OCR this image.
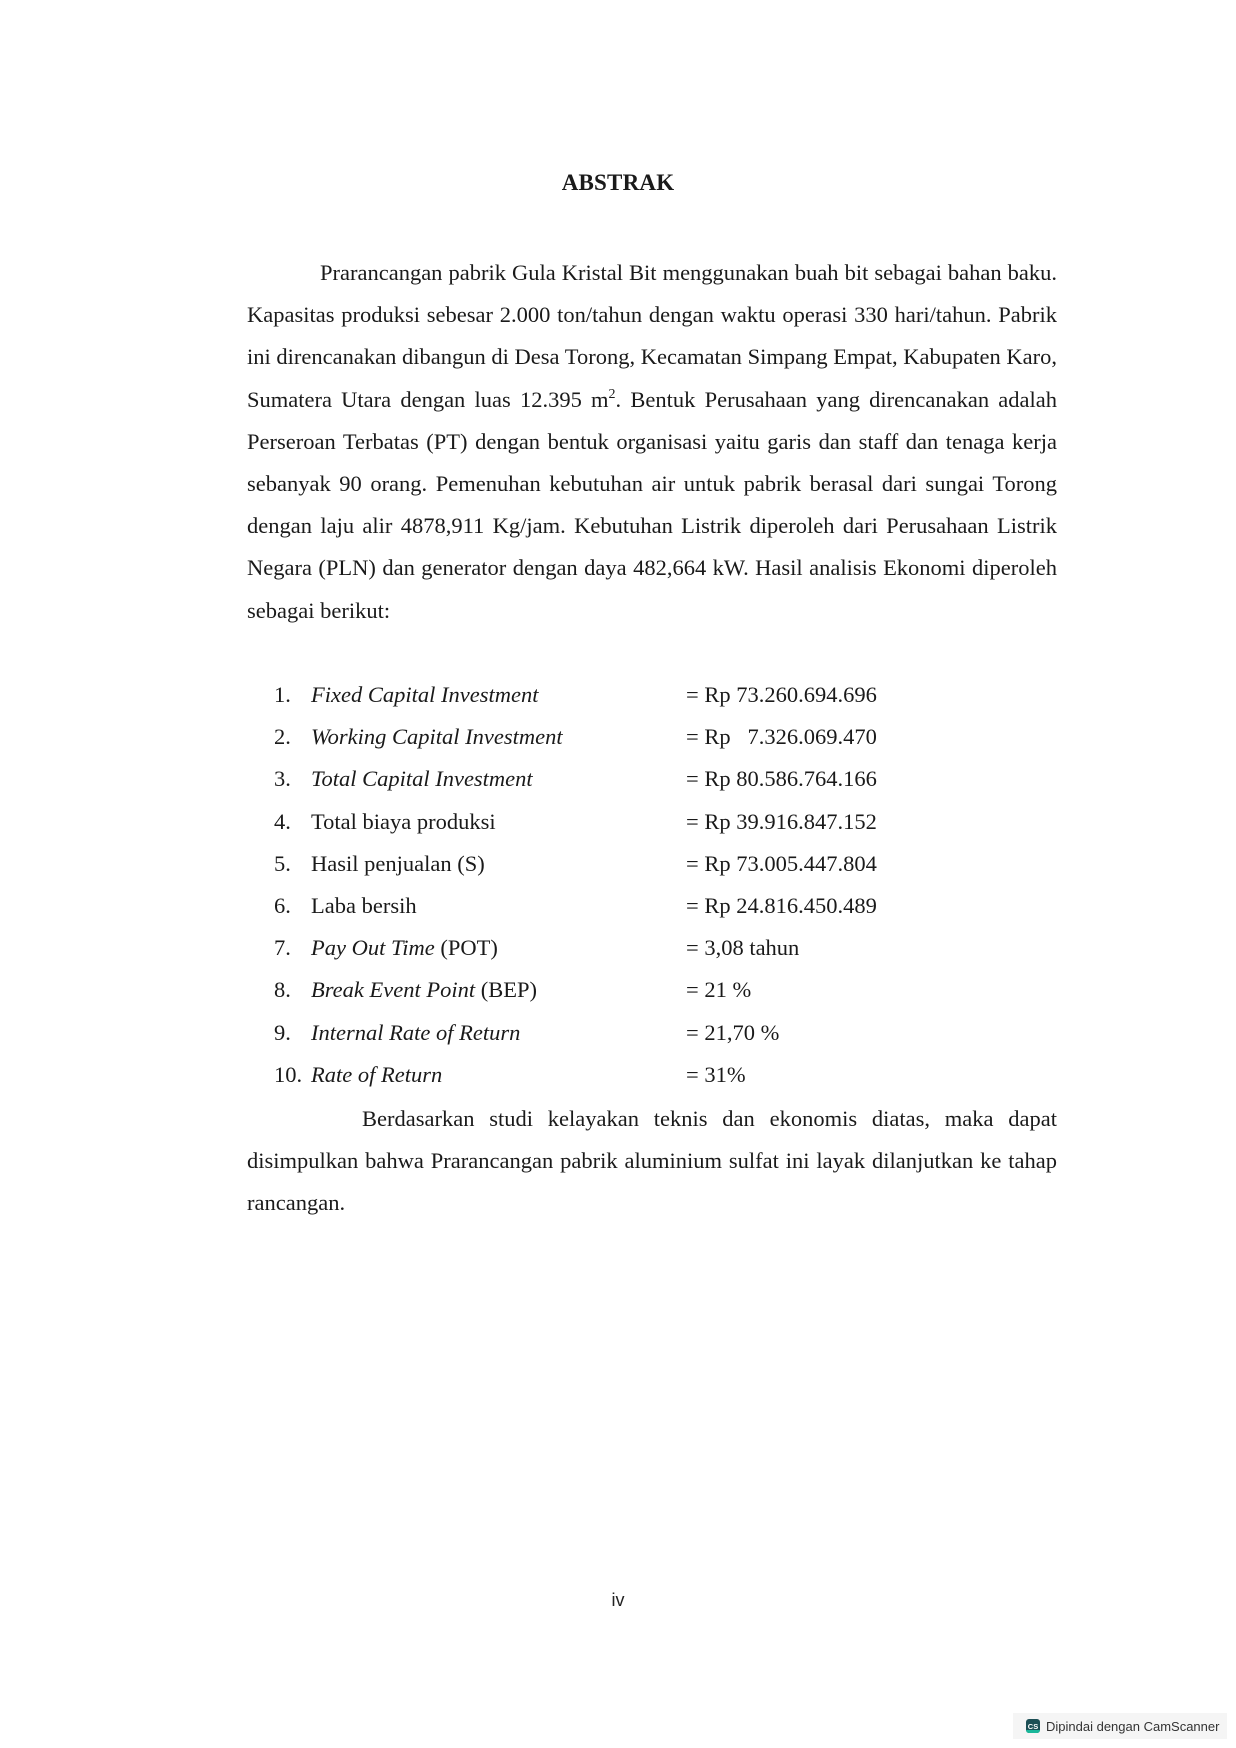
ABSTRAK
Prarancangan pabrik Gula Kristal Bit menggunakan buah bit sebagai bahan baku. Kapasitas produksi sebesar 2.000 ton/tahun dengan waktu operasi 330 hari/tahun. Pabrik ini direncanakan dibangun di Desa Torong, Kecamatan Simpang Empat, Kabupaten Karo, Sumatera Utara dengan luas 12.395 $m^2$. Bentuk Perusahaan yang direncanakan adalah Perseroan Terbatas (PT) dengan bentuk organisasi yaitu garis dan staff dan tenaga kerja sebanyak 90 orang. Pemenuhan kebutuhan air untuk pabrik berasal dari sungai Torong dengan laju alir 4878,911 Kg/jam. Kebutuhan Listrik diperoleh dari Perusahaan Listrik Negara (PLN) dan generator dengan daya 482,664 kW. Hasil analisis Ekonomi diperoleh sebagai berikut:
1. Fixed Capital Investment	= Rp 73.260.694.696
2. Working Capital Investment	= Rp   7.326.069.470
3. Total Capital Investment	= Rp 80.586.764.166
4. Total biaya produksi	= Rp 39.916.847.152
5. Hasil penjualan (S)	= Rp 73.005.447.804
6. Laba bersih	= Rp 24.816.450.489
7. Pay Out Time (POT)	= 3,08 tahun
8. Break Event Point (BEP)	= 21 %
9. Internal Rate of Return	= 21,70 %
10. Rate of Return	= 31%
Berdasarkan studi kelayakan teknis dan ekonomis diatas, maka dapat disimpulkan bahwa Prarancangan pabrik aluminium sulfat ini layak dilanjutkan ke tahap rancangan.
iv
CS Dipindai dengan CamScanner
